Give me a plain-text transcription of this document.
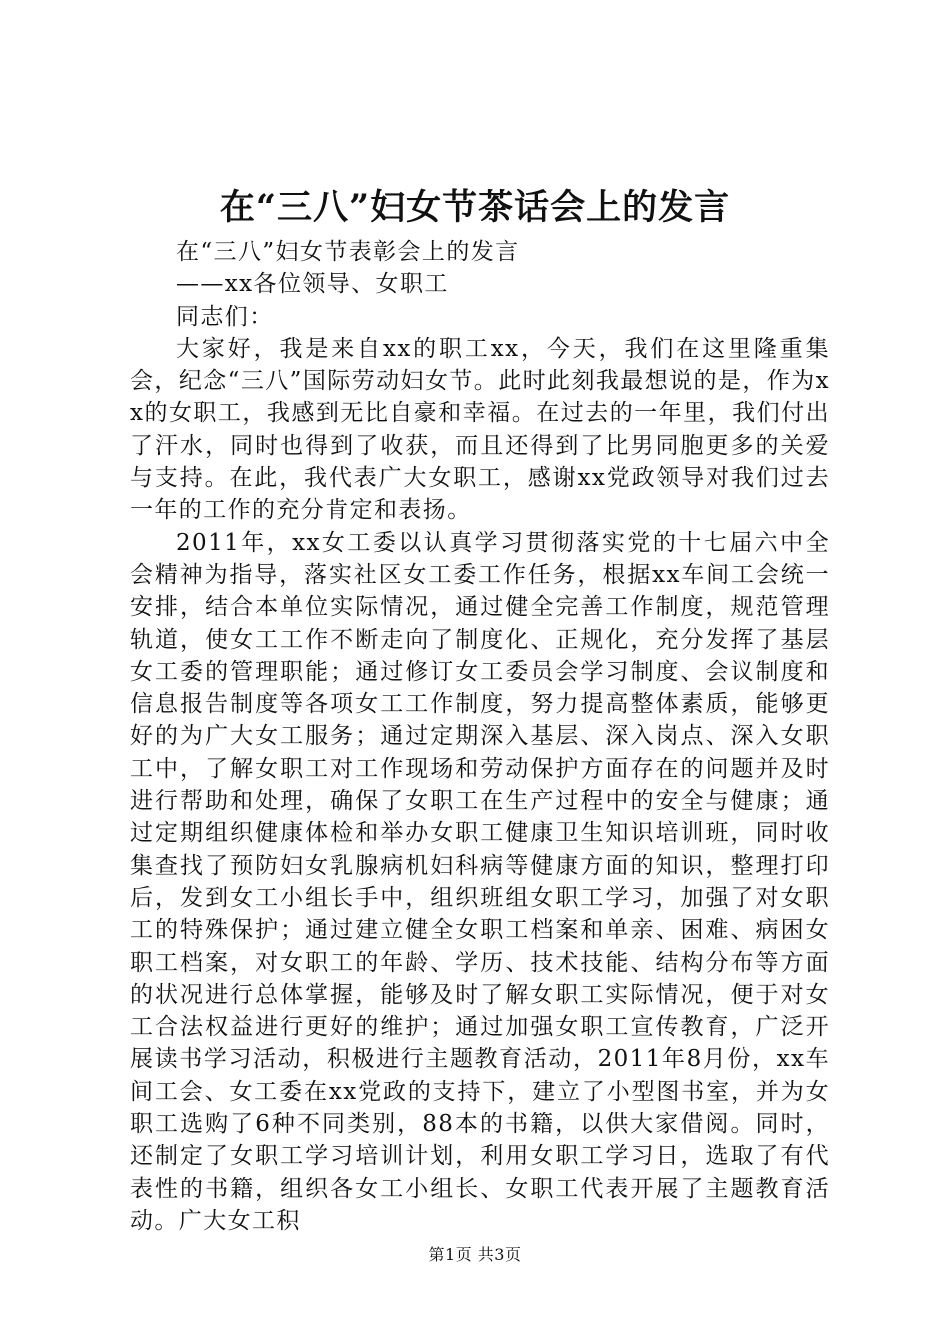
在“三八”妇女节茶话会上的发言

在“三八”妇女节表彰会上的发言

——xx各位领导、女职工

同志们：

大家好，我是来自xx的职工xx，今天，我们在这里隆重集会，纪念“三八”国际劳动妇女节。此时此刻我最想说的是，作为xx的女职工，我感到无比自豪和幸福。在过去的一年里，我们付出了汗水，同时也得到了收获，而且还得到了比男同胞更多的关爱与支持。在此，我代表广大女职工，感谢xx党政领导对我们过去一年的工作的充分肯定和表扬。

2011年，xx女工委以认真学习贯彻落实党的十七届六中全会精神为指导，落实社区女工委工作任务，根据xx车间工会统一安排，结合本单位实际情况，通过健全完善工作制度，规范管理轨道，使女工工作不断走向了制度化、正规化，充分发挥了基层女工委的管理职能；通过修订女工委员会学习制度、会议制度和信息报告制度等各项女工工作制度，努力提高整体素质，能够更好的为广大女工服务；通过定期深入基层、深入岗点、深入女职工中，了解女职工对工作现场和劳动保护方面存在的问题并及时进行帮助和处理，确保了女职工在生产过程中的安全与健康；通过定期组织健康体检和举办女职工健康卫生知识培训班，同时收集查找了预防妇女乳腺病机妇科病等健康方面的知识，整理打印后，发到女工小组长手中，组织班组女职工学习，加强了对女职工的特殊保护；通过建立健全女职工档案和单亲、困难、病困女职工档案，对女职工的年龄、学历、技术技能、结构分布等方面的状况进行总体掌握，能够及时了解女职工实际情况，便于对女工合法权益进行更好的维护；通过加强女职工宣传教育，广泛开展读书学习活动，积极进行主题教育活动，2011年8月份，xx车间工会、女工委在xx党政的支持下，建立了小型图书室，并为女职工选购了6种不同类别，88本的书籍，以供大家借阅。同时，还制定了女职工学习培训计划，利用女职工学习日，选取了有代表性的书籍，组织各女工小组长、女职工代表开展了主题教育活动。广大女工积

第1页 共3页
